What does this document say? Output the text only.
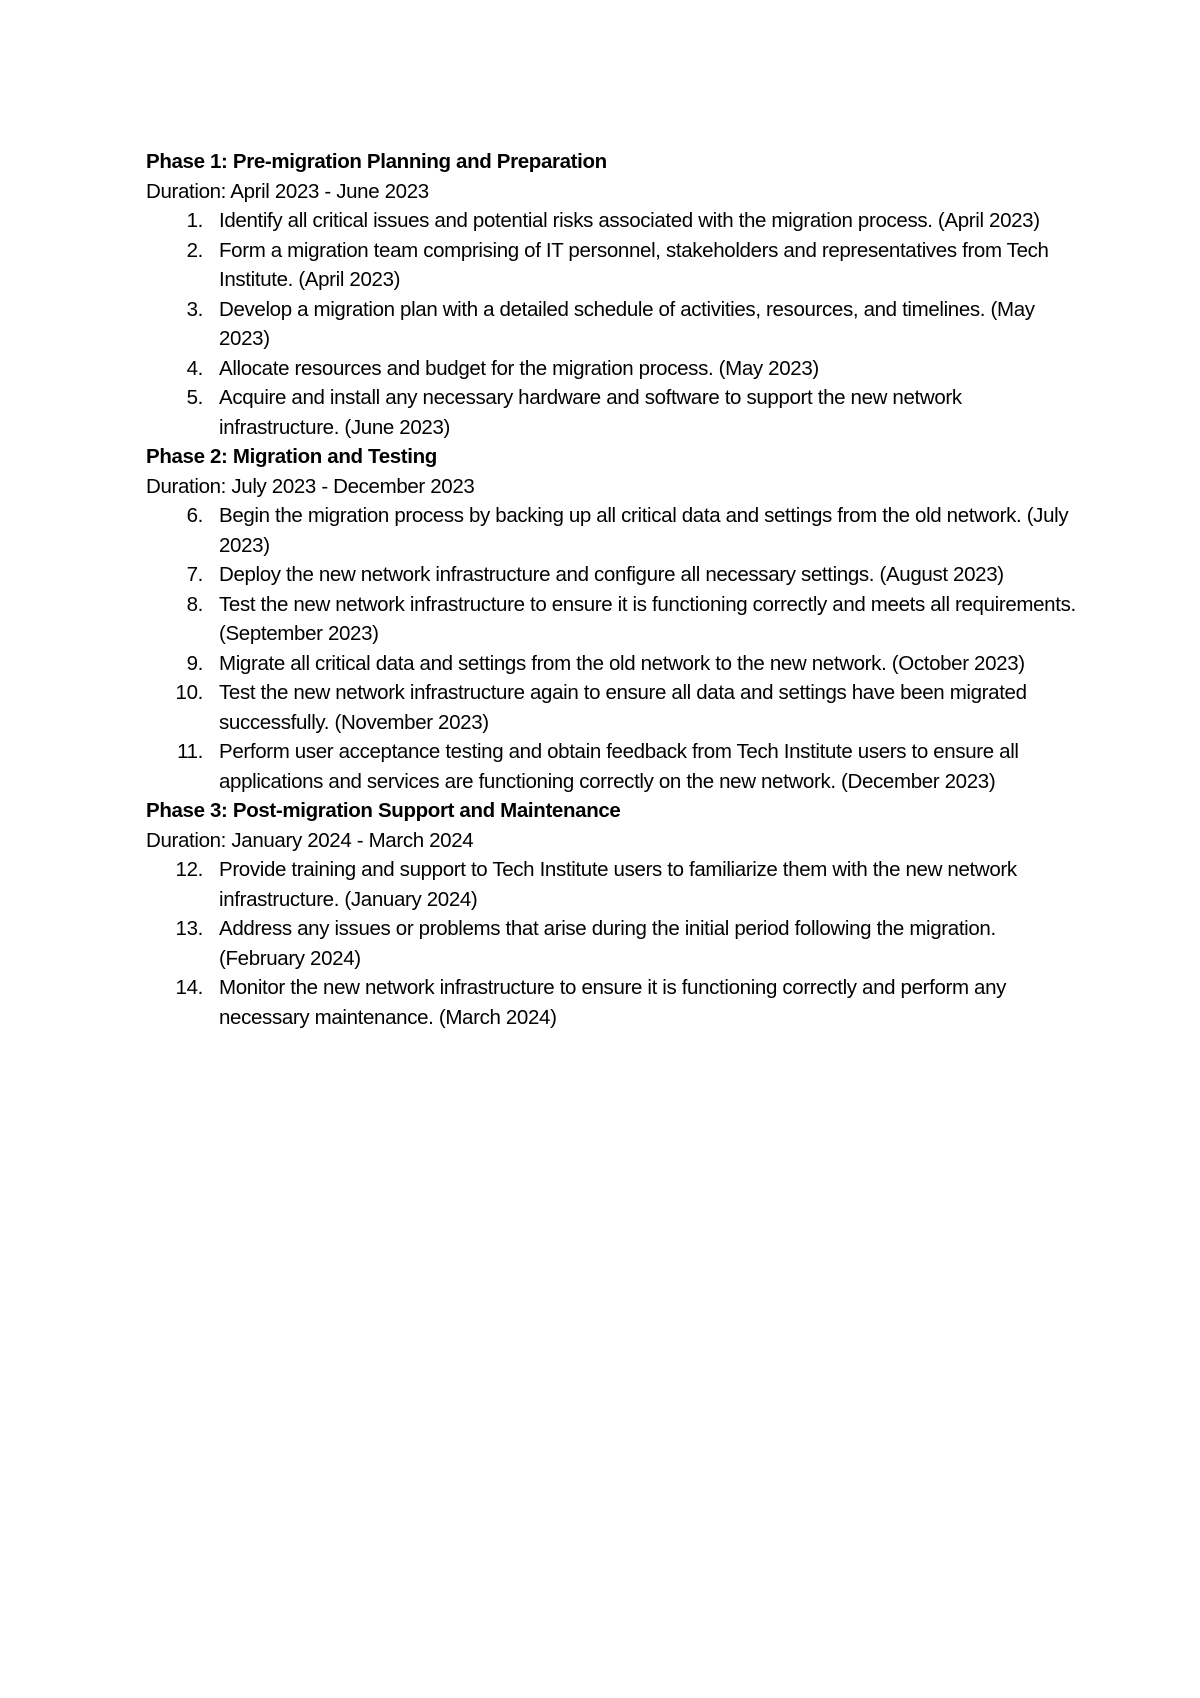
Phase 1: Pre-migration Planning and Preparation

Duration: April 2023 - June 2023

1. Identify all critical issues and potential risks associated with the migration process. (April 2023)
2. Form a migration team comprising of IT personnel, stakeholders and representatives from Tech Institute. (April 2023)
3. Develop a migration plan with a detailed schedule of activities, resources, and timelines. (May 2023)
4. Allocate resources and budget for the migration process. (May 2023)
5. Acquire and install any necessary hardware and software to support the new network infrastructure. (June 2023)

Phase 2: Migration and Testing

Duration: July 2023 - December 2023

6. Begin the migration process by backing up all critical data and settings from the old network. (July 2023)
7. Deploy the new network infrastructure and configure all necessary settings. (August 2023)
8. Test the new network infrastructure to ensure it is functioning correctly and meets all requirements. (September 2023)
9. Migrate all critical data and settings from the old network to the new network. (October 2023)
10. Test the new network infrastructure again to ensure all data and settings have been migrated successfully. (November 2023)
11. Perform user acceptance testing and obtain feedback from Tech Institute users to ensure all applications and services are functioning correctly on the new network. (December 2023)

Phase 3: Post-migration Support and Maintenance

Duration: January 2024 - March 2024

12. Provide training and support to Tech Institute users to familiarize them with the new network infrastructure. (January 2024)
13. Address any issues or problems that arise during the initial period following the migration. (February 2024)
14. Monitor the new network infrastructure to ensure it is functioning correctly and perform any necessary maintenance. (March 2024)
